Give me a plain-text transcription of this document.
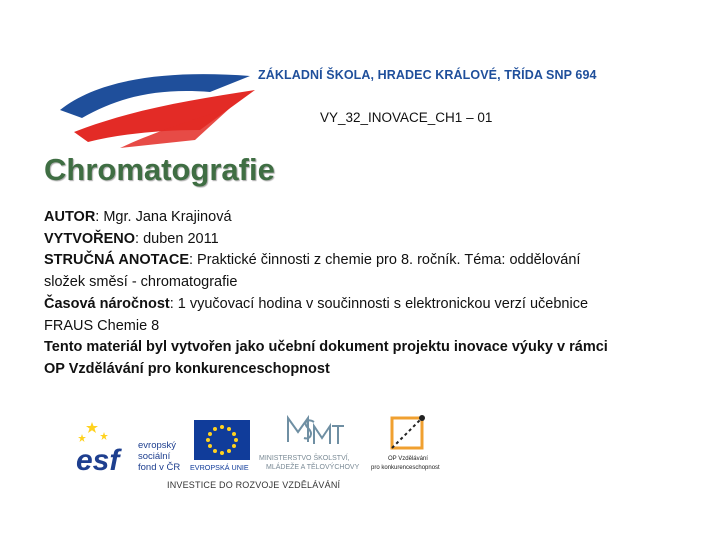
ZÁKLADNÍ ŠKOLA, HRADEC KRÁLOVÉ, TŘÍDA SNP 694
VY_32_INOVACE_CH1 – 01
Chromatografie
AUTOR: Mgr. Jana Krajinová
VYTVOŘENO: duben 2011
STRUČNÁ ANOTACE: Praktické činnosti z chemie pro 8. ročník. Téma: oddělování
složek směsí - chromatografie
Časová náročnost: 1 vyučovací hodina v součinnosti s elektronickou verzí učebnice
FRAUS Chemie 8
Tento materiál byl vytvořen jako učební dokument projektu inovace výuky v rámci
OP Vzdělávání pro konkurenceschopnost
esf	evropský
sociální
fond v ČR EVROPSKÁ UNIE
MINISTERSTVO ŠKOLSTVÍ,
MLÁDEŽE A TĚLOVÝCHOVY
OP Vzdělávání
pro konkurenceschopnost
INVESTICE DO ROZVOJE VZDĚLÁVÁNÍ
